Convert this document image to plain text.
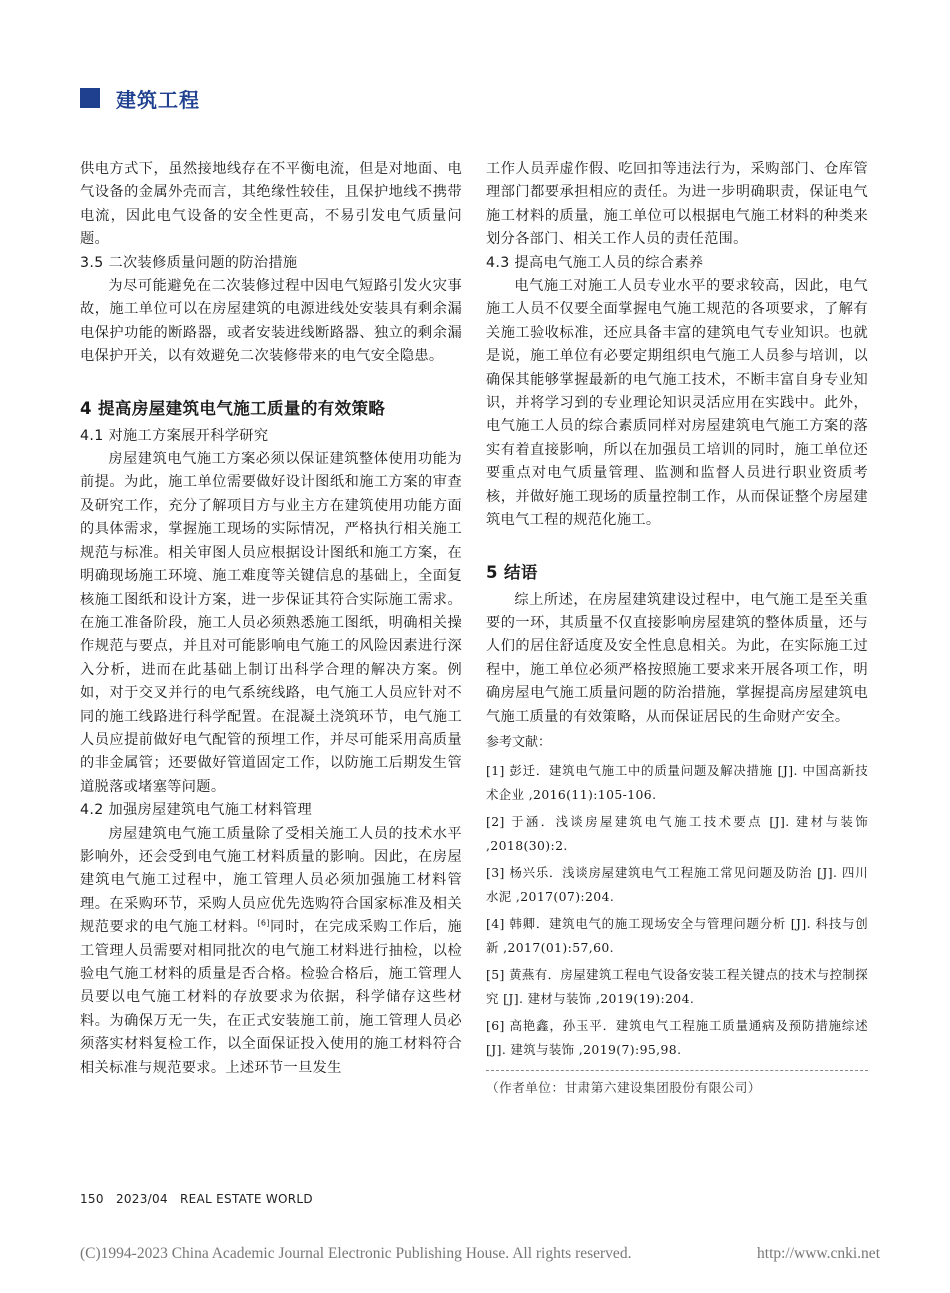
建筑工程

供电方式下，虽然接地线存在不平衡电流，但是对地面、电气设备的金属外壳而言，其绝缘性较佳，且保护地线不携带电流，因此电气设备的安全性更高，不易引发电气质量问题。

3.5 二次装修质量问题的防治措施

为尽可能避免在二次装修过程中因电气短路引发火灾事故，施工单位可以在房屋建筑的电源进线处安装具有剩余漏电保护功能的断路器，或者安装进线断路器、独立的剩余漏电保护开关，以有效避免二次装修带来的电气安全隐患。

4 提高房屋建筑电气施工质量的有效策略

4.1 对施工方案展开科学研究

房屋建筑电气施工方案必须以保证建筑整体使用功能为前提。为此，施工单位需要做好设计图纸和施工方案的审查及研究工作，充分了解项目方与业主方在建筑使用功能方面的具体需求，掌握施工现场的实际情况，严格执行相关施工规范与标准。相关审图人员应根据设计图纸和施工方案，在明确现场施工环境、施工难度等关键信息的基础上，全面复核施工图纸和设计方案，进一步保证其符合实际施工需求。在施工准备阶段，施工人员必须熟悉施工图纸，明确相关操作规范与要点，并且对可能影响电气施工的风险因素进行深入分析，进而在此基础上制订出科学合理的解决方案。例如，对于交叉并行的电气系统线路，电气施工人员应针对不同的施工线路进行科学配置。在混凝土浇筑环节，电气施工人员应提前做好电气配管的预埋工作，并尽可能采用高质量的非金属管；还要做好管道固定工作，以防施工后期发生管道脱落或堵塞等问题。

4.2 加强房屋建筑电气施工材料管理

房屋建筑电气施工质量除了受相关施工人员的技术水平影响外，还会受到电气施工材料质量的影响。因此，在房屋建筑电气施工过程中，施工管理人员必须加强施工材料管理。在采购环节，采购人员应优先选购符合国家标准及相关规范要求的电气施工材料。[6]同时，在完成采购工作后，施工管理人员需要对相同批次的电气施工材料进行抽检，以检验电气施工材料的质量是否合格。检验合格后，施工管理人员要以电气施工材料的存放要求为依据，科学储存这些材料。为确保万无一失，在正式安装施工前，施工管理人员必须落实材料复检工作，以全面保证投入使用的施工材料符合相关标准与规范要求。上述环节一旦发生

工作人员弄虚作假、吃回扣等违法行为，采购部门、仓库管理部门都要承担相应的责任。为进一步明确职责，保证电气施工材料的质量，施工单位可以根据电气施工材料的种类来划分各部门、相关工作人员的责任范围。

4.3 提高电气施工人员的综合素养

电气施工对施工人员专业水平的要求较高，因此，电气施工人员不仅要全面掌握电气施工规范的各项要求，了解有关施工验收标准，还应具备丰富的建筑电气专业知识。也就是说，施工单位有必要定期组织电气施工人员参与培训，以确保其能够掌握最新的电气施工技术，不断丰富自身专业知识，并将学习到的专业理论知识灵活应用在实践中。此外，电气施工人员的综合素质同样对房屋建筑电气施工方案的落实有着直接影响，所以在加强员工培训的同时，施工单位还要重点对电气质量管理、监测和监督人员进行职业资质考核，并做好施工现场的质量控制工作，从而保证整个房屋建筑电气工程的规范化施工。

5 结语

综上所述，在房屋建筑建设过程中，电气施工是至关重要的一环，其质量不仅直接影响房屋建筑的整体质量，还与人们的居住舒适度及安全性息息相关。为此，在实际施工过程中，施工单位必须严格按照施工要求来开展各项工作，明确房屋电气施工质量问题的防治措施，掌握提高房屋建筑电气施工质量的有效策略，从而保证居民的生命财产安全。

参考文献：

[1] 彭迁．建筑电气施工中的质量问题及解决措施 [J]. 中国高新技术企业 ,2016(11):105-106.

[2] 于涵．浅谈房屋建筑电气施工技术要点 [J]. 建材与装饰 ,2018(30):2.

[3] 杨兴乐．浅谈房屋建筑电气工程施工常见问题及防治 [J]. 四川水泥 ,2017(07):204.

[4] 韩卿．建筑电气的施工现场安全与管理问题分析 [J]. 科技与创新 ,2017(01):57,60.

[5] 黄燕有．房屋建筑工程电气设备安装工程关键点的技术与控制探究 [J]. 建材与装饰 ,2019(19):204.

[6] 高艳鑫，孙玉平．建筑电气工程施工质量通病及预防措施综述 [J]. 建筑与装饰 ,2019(7):95,98.

（作者单位：甘肃第六建设集团股份有限公司）
150 2023/04 REAL ESTATE WORLD
(C)1994-2023 China Academic Journal Electronic Publishing House. All rights reserved.	http://www.cnki.net
